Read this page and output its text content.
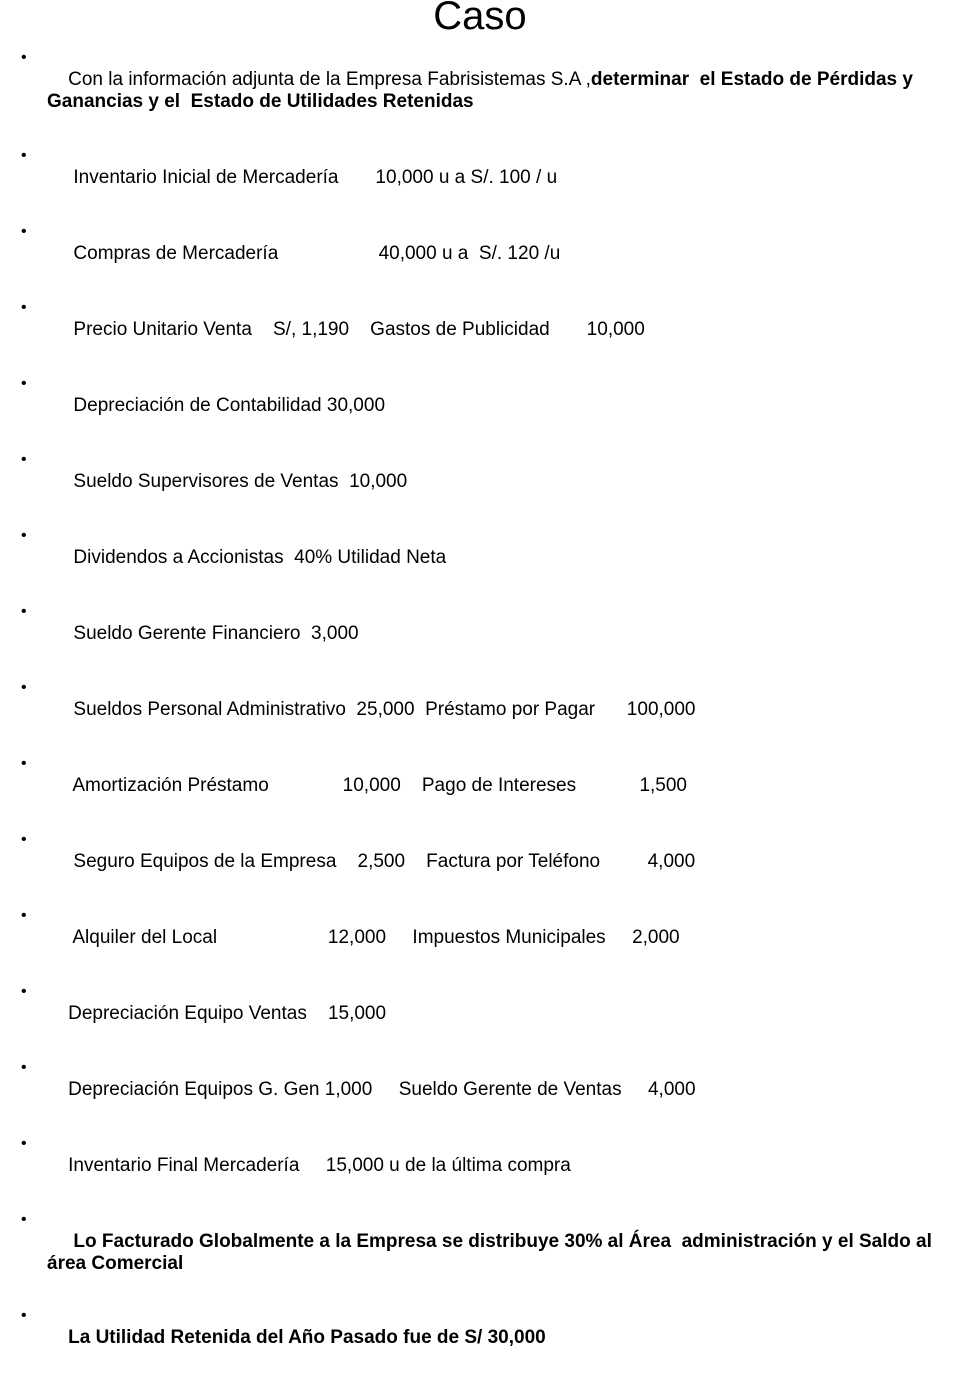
Caso

•
Con la información adjunta de la Empresa Fabrisistemas S.A ,determinar  el Estado de Pérdidas y Ganancias y el  Estado de Utilidades Retenidas

•
Inventario Inicial de Mercadería       10,000 u a S/. 100 / u

•
Compras de Mercadería                   40,000 u a  S/. 120 /u

•
Precio Unitario Venta    S/, 1,190    Gastos de Publicidad       10,000

•
Depreciación de Contabilidad 30,000

•
Sueldo Supervisores de Ventas  10,000

•
Dividendos a Accionistas  40% Utilidad Neta

•
Sueldo Gerente Financiero  3,000

•
Sueldos Personal Administrativo  25,000  Préstamo por Pagar      100,000

•
Amortización Préstamo              10,000    Pago de Intereses            1,500

•
Seguro Equipos de la Empresa    2,500    Factura por Teléfono         4,000

•
Alquiler del Local                     12,000     Impuestos Municipales     2,000

•
Depreciación Equipo Ventas    15,000

•
Depreciación Equipos G. Gen 1,000     Sueldo Gerente de Ventas     4,000

•
Inventario Final Mercadería     15,000 u de la última compra

•
Lo Facturado Globalmente a la Empresa se distribuye 30% al Área  administración y el Saldo al área Comercial

•
La Utilidad Retenida del Año Pasado fue de S/ 30,000
